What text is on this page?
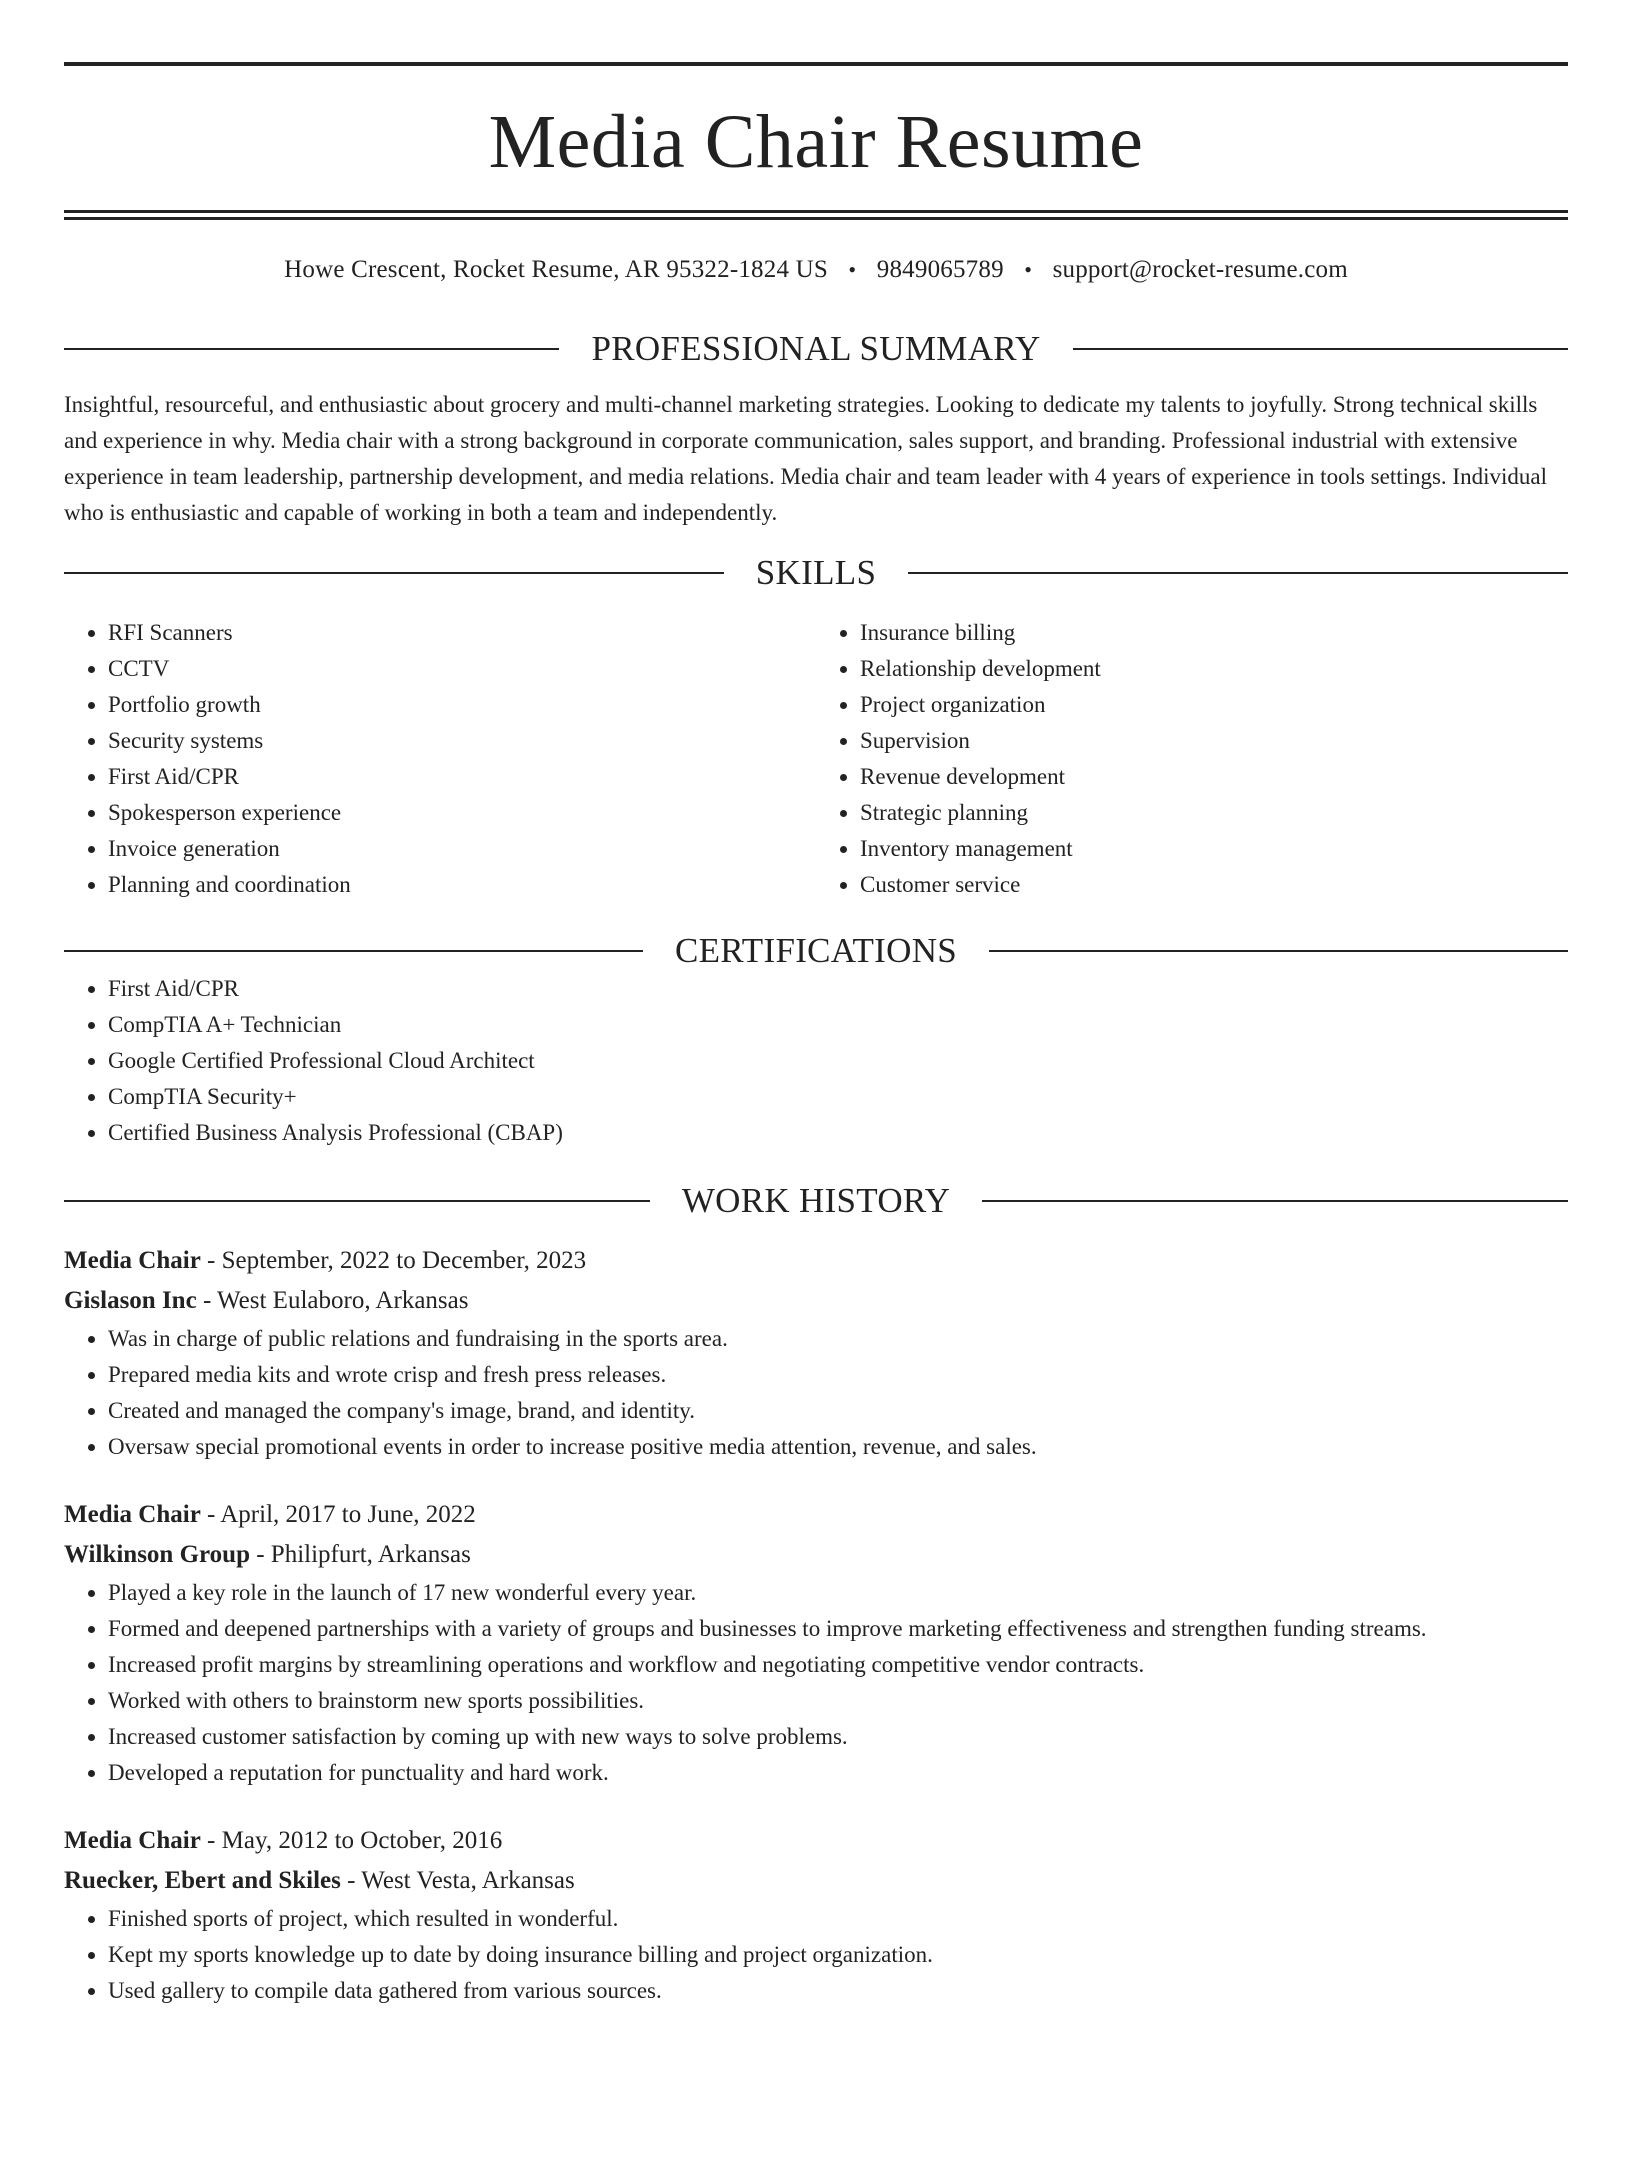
Media Chair Resume
Howe Crescent, Rocket Resume, AR 95322-1824 US • 9849065789 • support@rocket-resume.com
PROFESSIONAL SUMMARY
Insightful, resourceful, and enthusiastic about grocery and multi-channel marketing strategies. Looking to dedicate my talents to joyfully. Strong technical skills and experience in why. Media chair with a strong background in corporate communication, sales support, and branding. Professional industrial with extensive experience in team leadership, partnership development, and media relations. Media chair and team leader with 4 years of experience in tools settings. Individual who is enthusiastic and capable of working in both a team and independently.
SKILLS
• RFI Scanners
• CCTV
• Portfolio growth
• Security systems
• First Aid/CPR
• Spokesperson experience
• Invoice generation
• Planning and coordination
• Insurance billing
• Relationship development
• Project organization
• Supervision
• Revenue development
• Strategic planning
• Inventory management
• Customer service
CERTIFICATIONS
• First Aid/CPR
• CompTIA A+ Technician
• Google Certified Professional Cloud Architect
• CompTIA Security+
• Certified Business Analysis Professional (CBAP)
WORK HISTORY
Media Chair - September, 2022 to December, 2023
Gislason Inc - West Eulaboro, Arkansas
• Was in charge of public relations and fundraising in the sports area.
• Prepared media kits and wrote crisp and fresh press releases.
• Created and managed the company's image, brand, and identity.
• Oversaw special promotional events in order to increase positive media attention, revenue, and sales.
Media Chair - April, 2017 to June, 2022
Wilkinson Group - Philipfurt, Arkansas
• Played a key role in the launch of 17 new wonderful every year.
• Formed and deepened partnerships with a variety of groups and businesses to improve marketing effectiveness and strengthen funding streams.
• Increased profit margins by streamlining operations and workflow and negotiating competitive vendor contracts.
• Worked with others to brainstorm new sports possibilities.
• Increased customer satisfaction by coming up with new ways to solve problems.
• Developed a reputation for punctuality and hard work.
Media Chair - May, 2012 to October, 2016
Ruecker, Ebert and Skiles - West Vesta, Arkansas
• Finished sports of project, which resulted in wonderful.
• Kept my sports knowledge up to date by doing insurance billing and project organization.
• Used gallery to compile data gathered from various sources.
